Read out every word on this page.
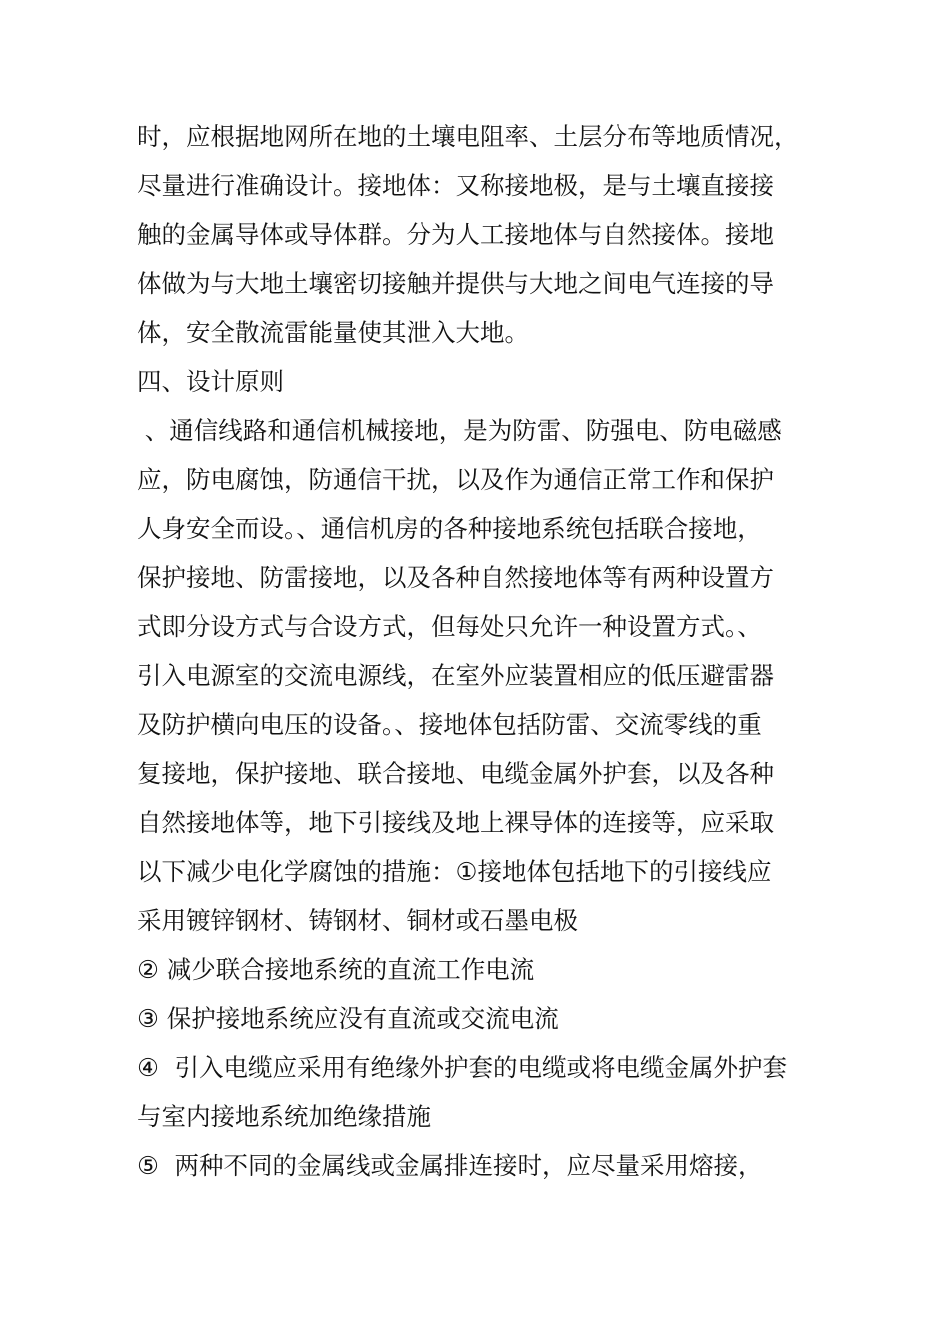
时，应根据地网所在地的土壤电阻率、土层分布等地质情况，
尽量进行准确设计。接地体：又称接地极，是与土壤直接接
触的金属导体或导体群。分为人工接地体与自然接体。接地
体做为与大地土壤密切接触并提供与大地之间电气连接的导
体，安全散流雷能量使其泄入大地。
四、设计原则
、通信线路和通信机械接地，是为防雷、防强电、防电磁感
应，防电腐蚀，防通信干扰，以及作为通信正常工作和保护
人身安全而设。、通信机房的各种接地系统包括联合接地，
保护接地、防雷接地，以及各种自然接地体等有两种设置方
式即分设方式与合设方式，但每处只允许一种设置方式。、
引入电源室的交流电源线，在室外应装置相应的低压避雷器
及防护横向电压的设备。、接地体包括防雷、交流零线的重
复接地，保护接地、联合接地、电缆金属外护套，以及各种
自然接地体等，地下引接线及地上裸导体的连接等，应采取
以下减少电化学腐蚀的措施：①接地体包括地下的引接线应
采用镀锌钢材、铸钢材、铜材或石墨电极
② 减少联合接地系统的直流工作电流
③ 保护接地系统应没有直流或交流电流
④  引入电缆应采用有绝缘外护套的电缆或将电缆金属外护套
与室内接地系统加绝缘措施
⑤  两种不同的金属线或金属排连接时，应尽量采用熔接，
